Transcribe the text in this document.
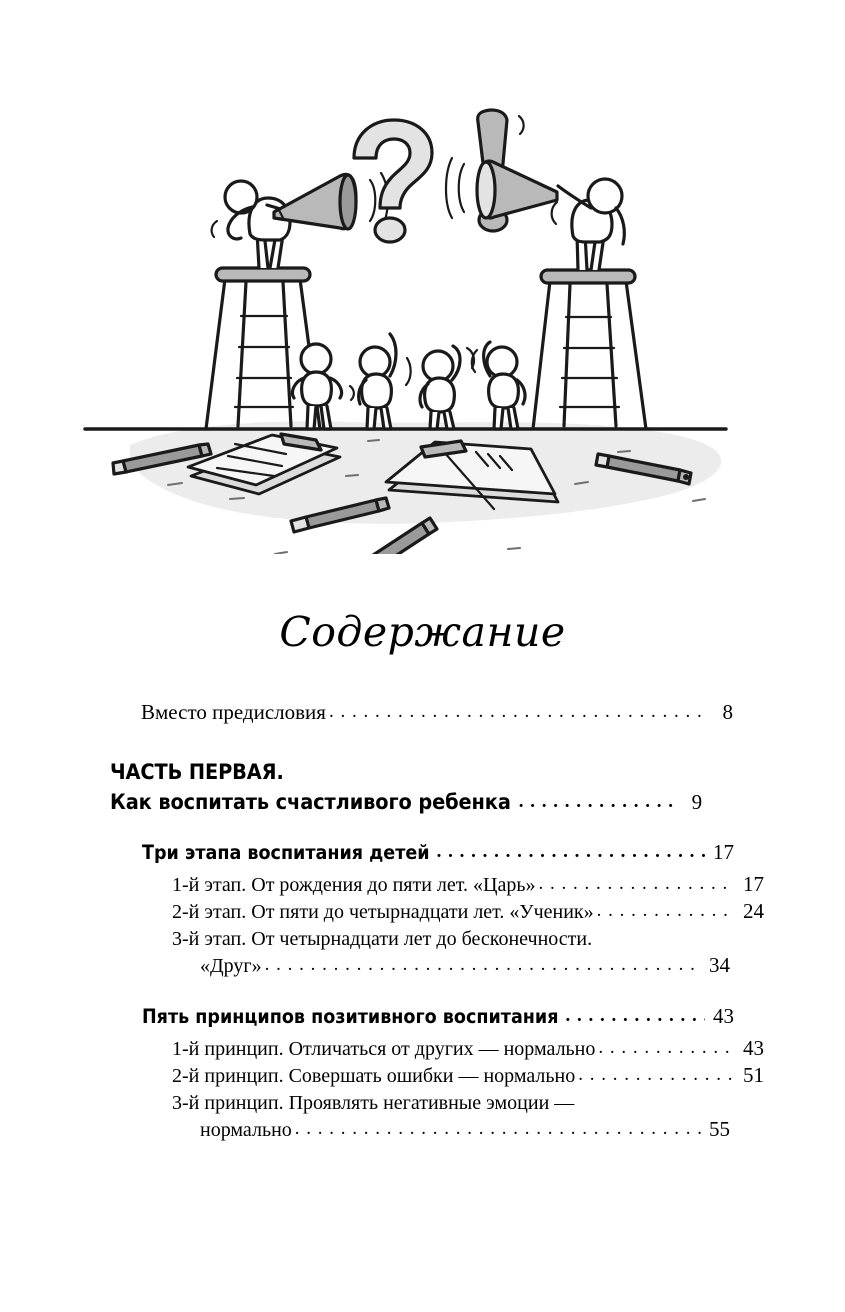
Содержание
Вместо предисловия . . .	8
ЧАСТЬ ПЕРВАЯ.
Как воспитать счастливого ребенка . . .	9
Три этапа воспитания детей . . .	17
1-й этап. От рождения до пяти лет. «Царь» . . .	17
2-й этап. От пяти до четырнадцати лет. «Ученик» . . .	24
3-й этап. От четырнадцати лет до бесконечности.
«Друг» . . .	34
Пять принципов позитивного воспитания . . .	43
1-й принцип. Отличаться от других — нормально . . .	43
2-й принцип. Совершать ошибки — нормально . . .	51
3-й принцип. Проявлять негативные эмоции —
нормально . . .	55
